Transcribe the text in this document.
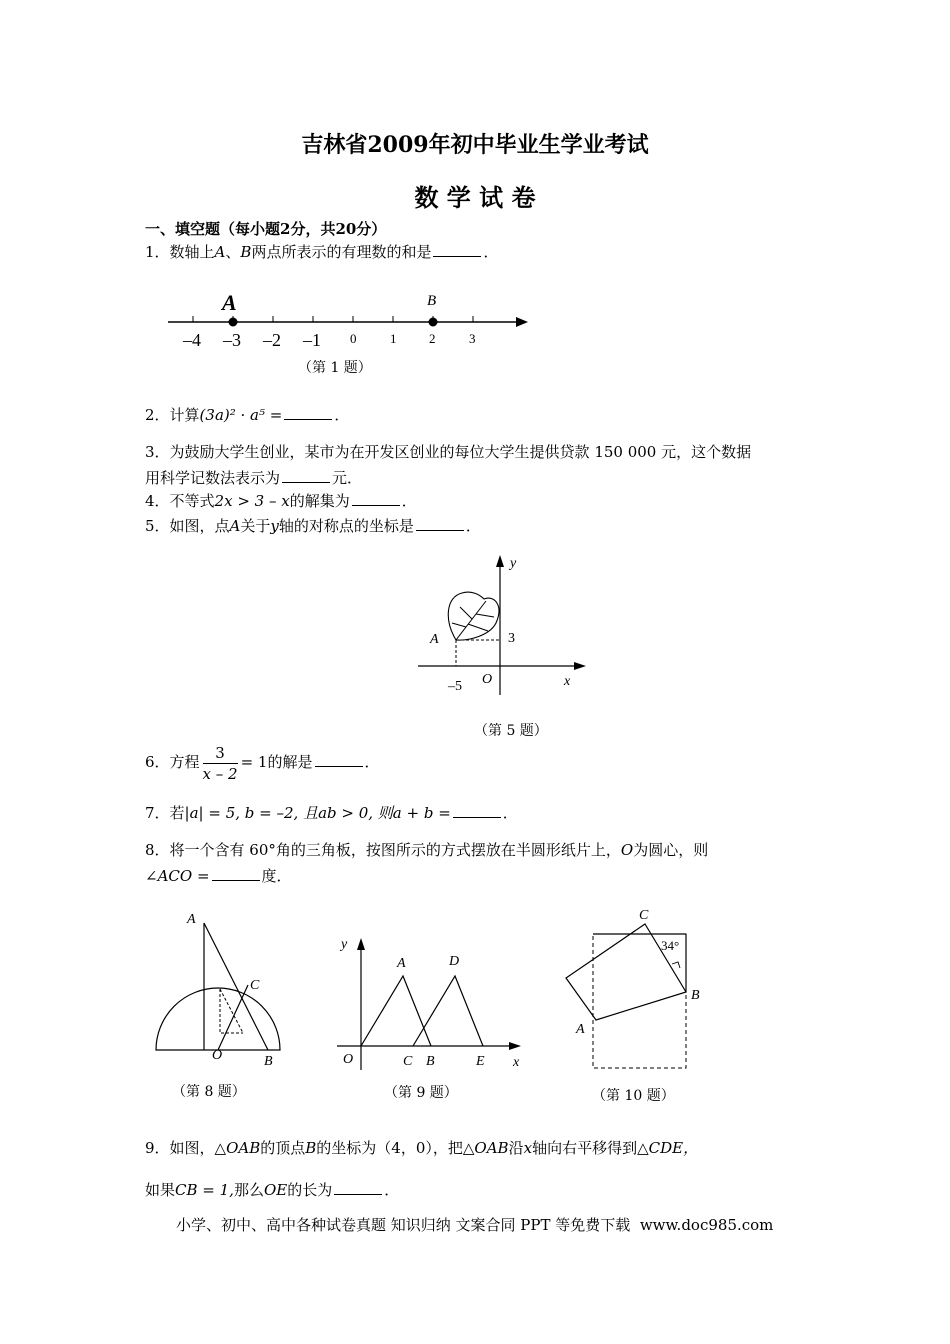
吉林省2009年初中毕业生学业考试
数 学 试 卷
一、填空题（每小题2分，共20分）
1．数轴上A、B两点所表示的有理数的和是	．
A	B
–4 –3 –2 –1 0	1	2	3
（第 1 题）
2．计算(3a)² · a⁵ =	．
3．为鼓励大学生创业，某市为在开发区创业的每位大学生提供贷款 150 000 元，这个数据
用科学记数法表示为	元．
4．不等式2x > 3 – x的解集为	．
5．如图，点A关于y轴的对称点的坐标是	．
y
x
O
A	3
–5
（第 5 题）
6．方程 $\frac{3}{x - 2} = 1$的解是	．
7．若|a| = 5, b = –2, 且ab > 0, 则a + b =	．
8．将一个含有 60°角的三角板，按图所示的方式摆放在半圆形纸片上，O为圆心，则
∠ACO =	度．
A
C
O	B
（第 8 题）
y
A	D
O	C B	E x
（第 9 题）
C
34°
B
A
（第 10 题）
9．如图，△OAB的顶点B的坐标为（4，0），把△OAB沿x轴向右平移得到△CDE，
如果CB = 1,那么OE的长为	．
小学、初中、高中各种试卷真题 知识归纳 文案合同 PPT 等免费下载 www.doc985.com
